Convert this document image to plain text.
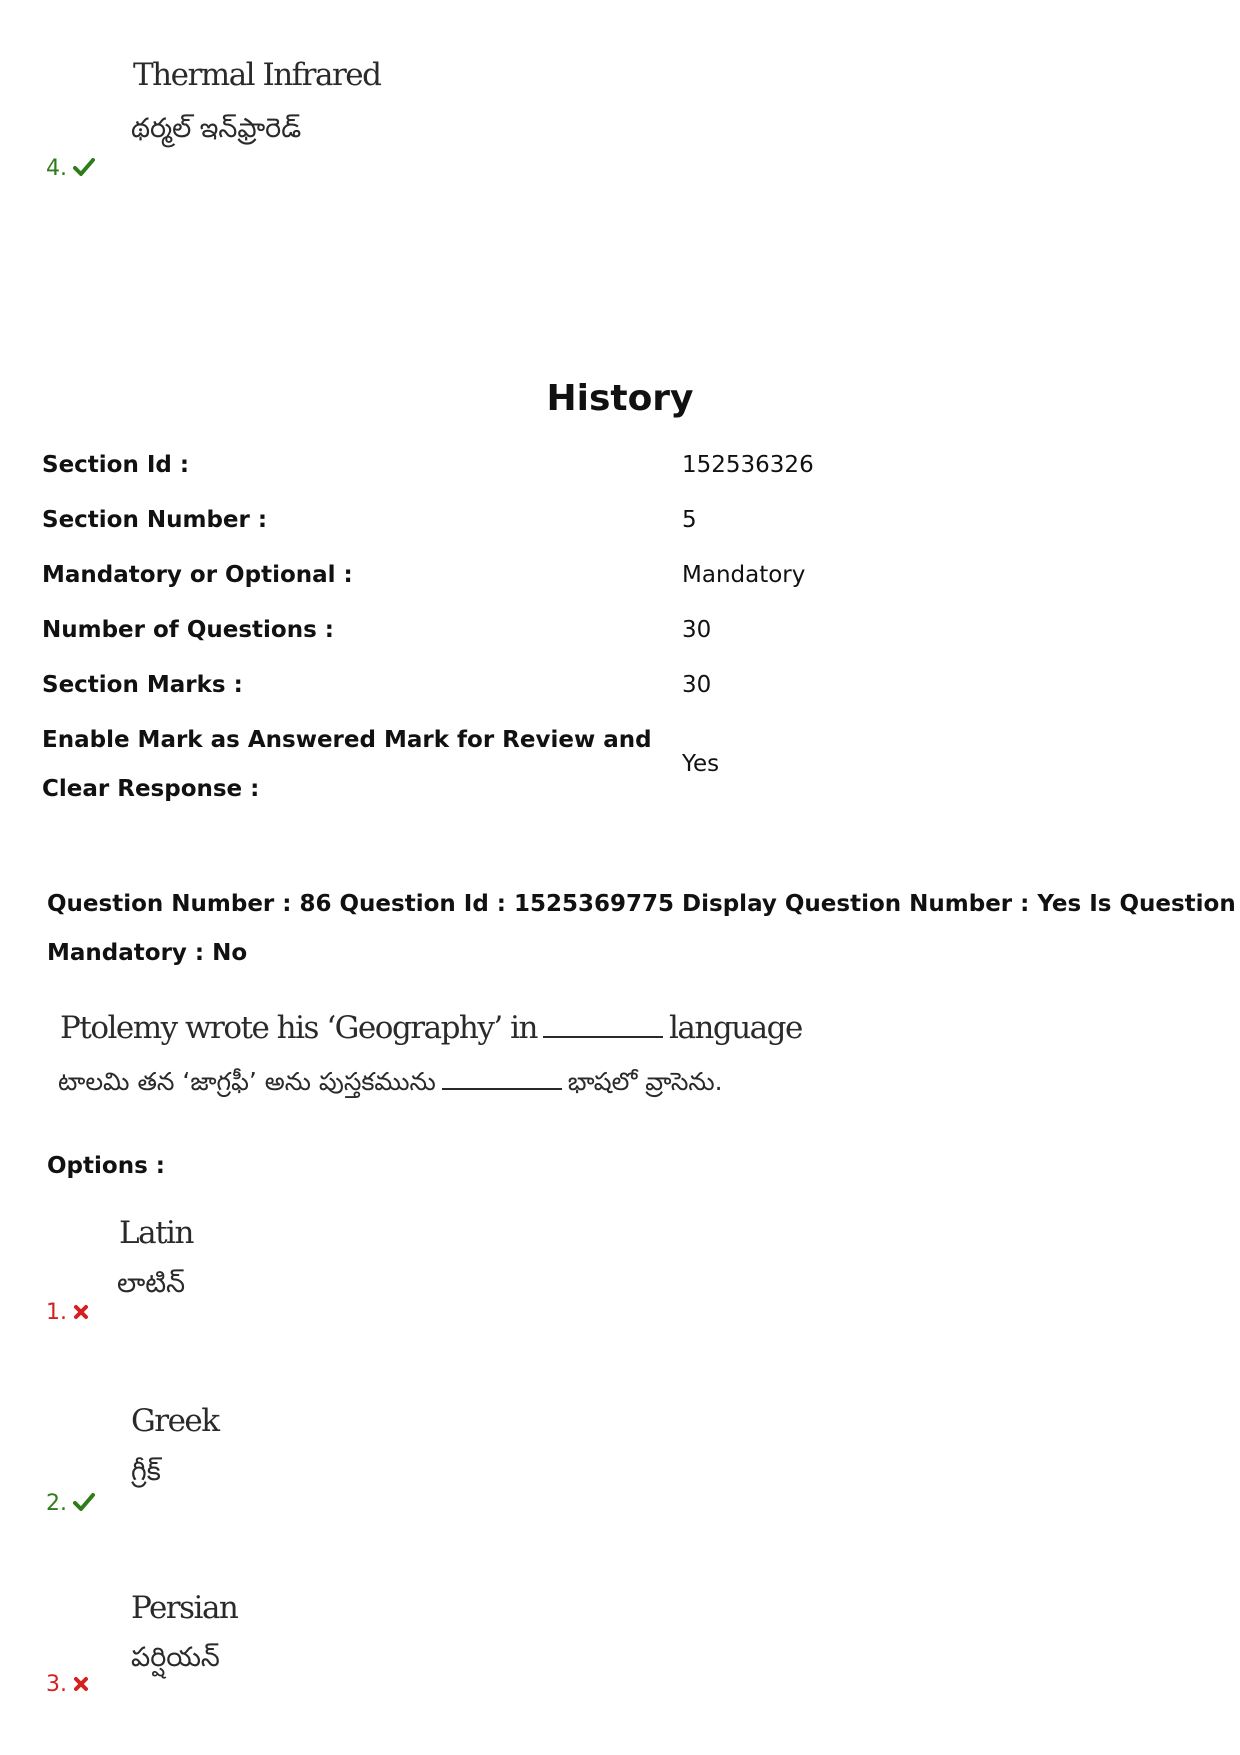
Thermal Infrared
థర్మల్ ఇన్‌ఫ్రారెడ్
4.
History
Section Id :	152536326
Section Number :	5
Mandatory or Optional :	Mandatory
Number of Questions :	30
Section Marks :	30
Enable Mark as Answered Mark for Review and
Clear Response :
Yes
Question Number : 86 Question Id : 1525369775 Display Question Number : Yes Is Question
Mandatory : No
Ptolemy wrote his ‘Geography’ in	language
టాలమి తన ‘జాగ్రఫీ’ అను పుస్తకమును	భాషలో వ్రాసెను.
Options :
Latin
లాటిన్
1.
Greek
గ్రీక్
2.
Persian
పర్షియన్
3.
